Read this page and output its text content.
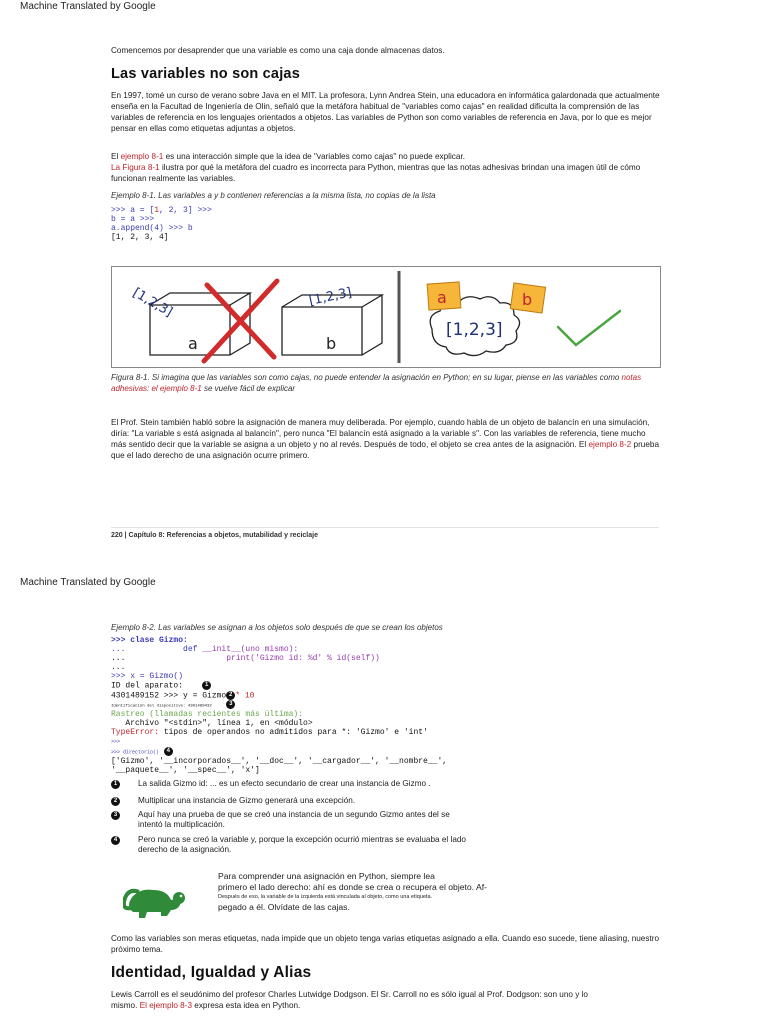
Machine Translated by Google
Comencemos por desaprender que una variable es como una caja donde almacenas datos.
Las variables no son cajas
En 1997, tomé un curso de verano sobre Java en el MIT. La profesora, Lynn Andrea Stein, una educadora en informática galardonada que actualmente enseña en la Facultad de Ingeniería de Olin, señaló que la metáfora habitual de "variables como cajas" en realidad dificulta la comprensión de las variables de referencia en los lenguajes orientados a objetos. Las variables de Python son como variables de referencia en Java, por lo que es mejor pensar en ellas como etiquetas adjuntas a objetos.
El ejemplo 8-1 es una interacción simple que la idea de "variables como cajas" no puede explicar.
La Figura 8-1 ilustra por qué la metáfora del cuadro es incorrecta para Python, mientras que las notas adhesivas brindan una imagen útil de cómo funcionan realmente las variables.
Ejemplo 8-1. Las variables a y b contienen referencias a la misma lista, no copias de la lista
>>> a = [1, 2, 3] >>>
b = a >>>
a.append(4) >>> b
[1, 2, 3, 4]
a	b
[1,2,3]	[1,2,3]
[1,2,3]
a	b
Figura 8-1. Si imagina que las variables son como cajas, no puede entender la asignación en Python; en su lugar, piense en las variables como notas adhesivas: el ejemplo 8-1 se vuelve fácil de explicar
El Prof. Stein también habló sobre la asignación de manera muy deliberada. Por ejemplo, cuando habla de un objeto de balancín en una simulación, diría: "La variable s está asignada al balancín", pero nunca "El balancín está asignado a la variable s". Con las variables de referencia, tiene mucho más sentido decir que la variable se asigna a un objeto y no al revés. Después de todo, el objeto se crea antes de la asignación. El ejemplo 8-2 prueba que el lado derecho de una asignación ocurre primero.
220 | Capítulo 8: Referencias a objetos, mutabilidad y reciclaje
Machine Translated by Google
Ejemplo 8-2. Las variables se asignan a los objetos solo después de que se crean los objetos
>>> clase Gizmo:
...            def __init__(uno mismo):
...                     print('Gizmo id: %d' % id(self))
...
>>> x = Gizmo()
ID del aparato:	1
4301489152 >>> y = Gizmo 2 * 10
Identificación del dispositivo: 4301489432	3
Rastreo (llamadas recientes más última):
Archivo "<stdin>", línea 1, en <módulo>
TypeError: tipos de operandos no admitidos para *: 'Gizmo' e 'int'
>>>
>>> directorio() 4
['Gizmo', '__incorporados__', '__doc__', '__cargador__', '__nombre__',
'__paquete__', '__spec__', 'x']
1	La salida Gizmo id: ... es un efecto secundario de crear una instancia de Gizmo .
2	Multiplicar una instancia de Gizmo generará una excepción.
3	Aquí hay una prueba de que se creó una instancia de un segundo Gizmo antes del se intentó la multiplicación.
4	Pero nunca se creó la variable y, porque la excepción ocurrió mientras se evaluaba el lado derecho de la asignación.
Para comprender una asignación en Python, siempre lea
primero el lado derecho: ahí es donde se crea o recupera el objeto. Af-
Después de eso, la variable de la izquierda está vinculada al objeto, como una etiqueta.
pegado a él. Olvídate de las cajas.
Como las variables son meras etiquetas, nada impide que un objeto tenga varias etiquetas asignado a ella. Cuando eso sucede, tiene aliasing, nuestro próximo tema.
Identidad, Igualdad y Alias
Lewis Carroll es el seudónimo del profesor Charles Lutwidge Dodgson. El Sr. Carroll no es sólo igual al Prof. Dodgson: son uno y lo mismo. El ejemplo 8-3 expresa esta idea en Python.
